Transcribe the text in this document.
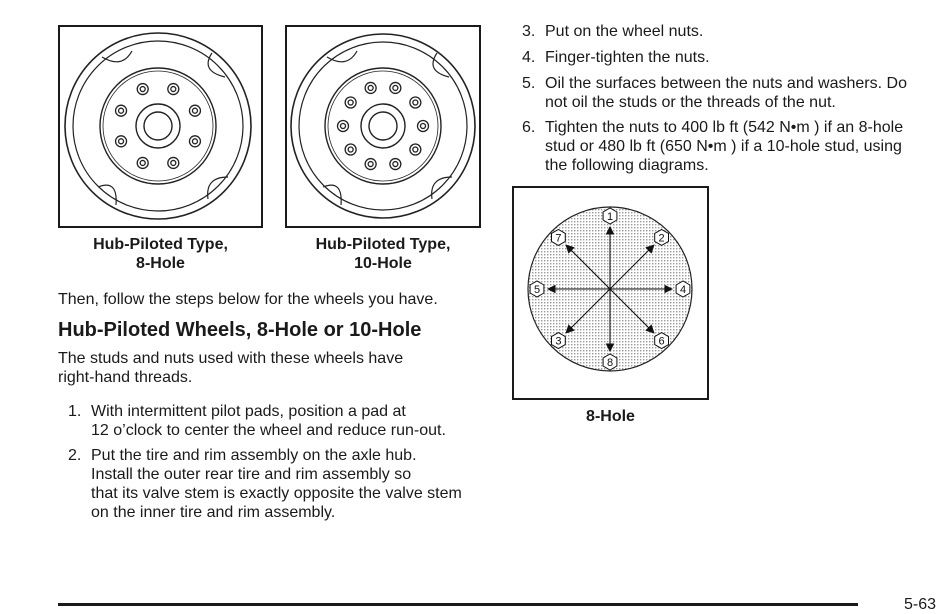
Hub-Piloted Type,
8-Hole
Hub-Piloted Type,
10-Hole
Then, follow the steps below for the wheels you have.
Hub-Piloted Wheels, 8-Hole or 10-Hole
The studs and nuts used with these wheels have
right-hand threads.
1. With intermittent pilot pads, position a pad at
12 o’clock to center the wheel and reduce run-out.
2. Put the tire and rim assembly on the axle hub.
Install the outer rear tire and rim assembly so
that its valve stem is exactly opposite the valve stem
on the inner tire and rim assembly.
3. Put on the wheel nuts.
4. Finger-tighten the nuts.
5. Oil the surfaces between the nuts and washers. Do
not oil the studs or the threads of the nut.
6. Tighten the nuts to 400 lb ft (542 N•m ) if an 8-hole
stud or 480 lb ft (650 N•m ) if a 10-hole stud, using
the following diagrams.
1
2
3
4
5
6
7
8
8-Hole
5-63
